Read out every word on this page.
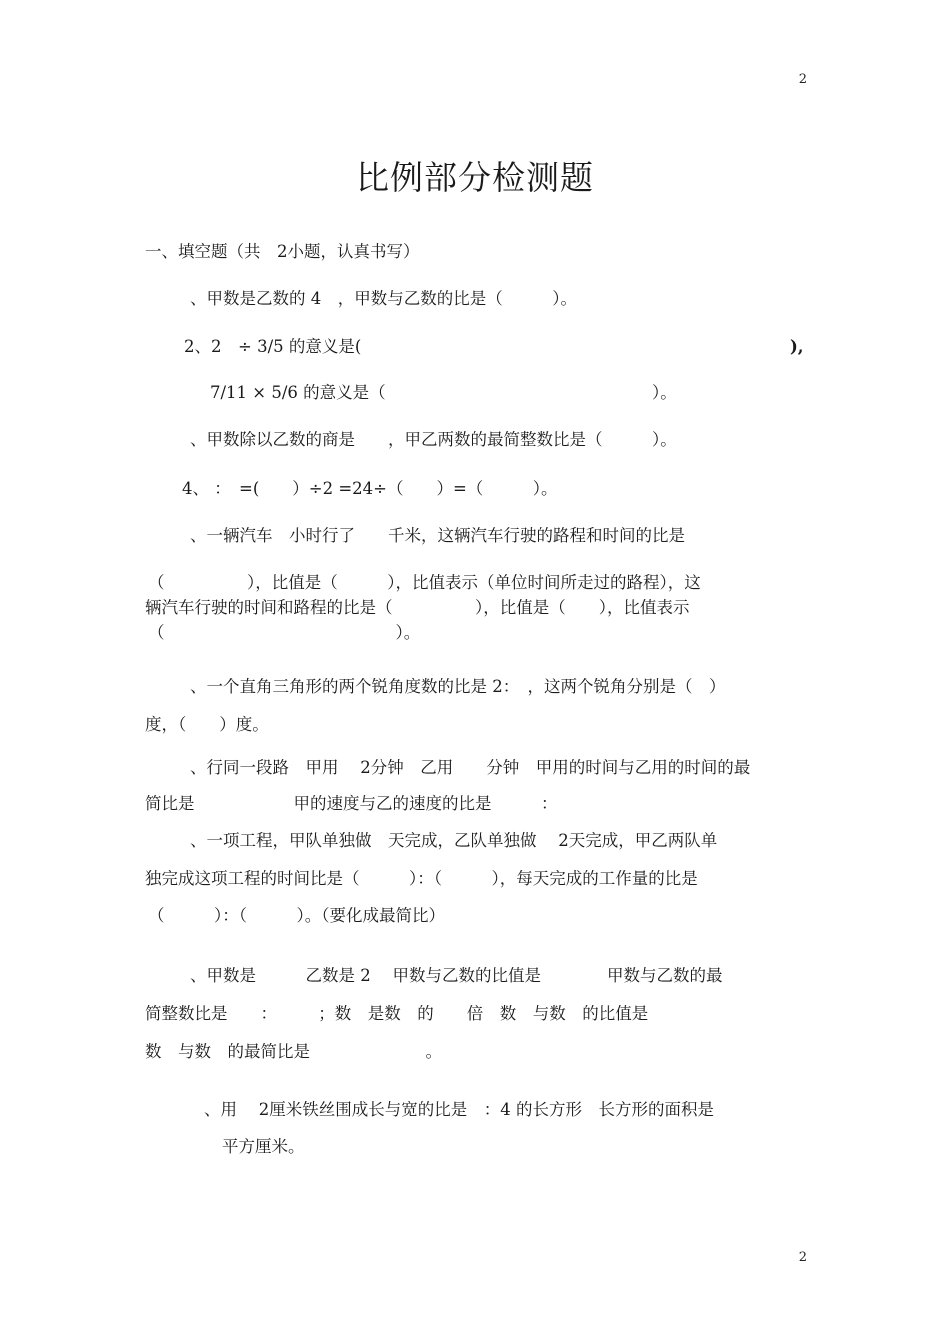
2
比例部分检测题
一、填空题（共　2小题，认真书写）
、甲数是乙数的 4　，甲数与乙数的比是（　　　）。
2、2　÷ 3/5 的意义是(	),
7/11 × 5/6 的意义是（	）。
、甲数除以乙数的商是　　，甲乙两数的最简整数比是（　　　）。
4、 ：　=(　　）÷2 =24÷（　　）=（　　　）。
、一辆汽车　小时行了　　千米，这辆汽车行驶的路程和时间的比是
（　　　　　），比值是（　　　），比值表示（单位时间所走过的路程），这
辆汽车行驶的时间和路程的比是（　　　　　），比值是（　　），比值表示
（　　　　　　　　　　　　　　）。
、一个直角三角形的两个锐角度数的比是 2：　，这两个锐角分别是（　）
度，（　　）度。
、行同一段路　甲用　 2分钟　乙用　　分钟　甲用的时间与乙用的时间的最
简比是　　　　　　甲的速度与乙的速度的比是　　　：
、一项工程，甲队单独做　天完成，乙队单独做　 2天完成，甲乙两队单
独完成这项工程的时间比是（　　　）：（　　　），每天完成的工作量的比是
（　　　）：（　　　）。（要化成最简比）
、甲数是　　　乙数是 2　 甲数与乙数的比值是　　　　甲数与乙数的最
简整数比是　　：　　　；数　是数　的　　倍　数　与数　的比值是
数　与数　的最简比是　　　　　　　。
、用　 2厘米铁丝围成长与宽的比是　：4 的长方形　长方形的面积是
平方厘米。
2
